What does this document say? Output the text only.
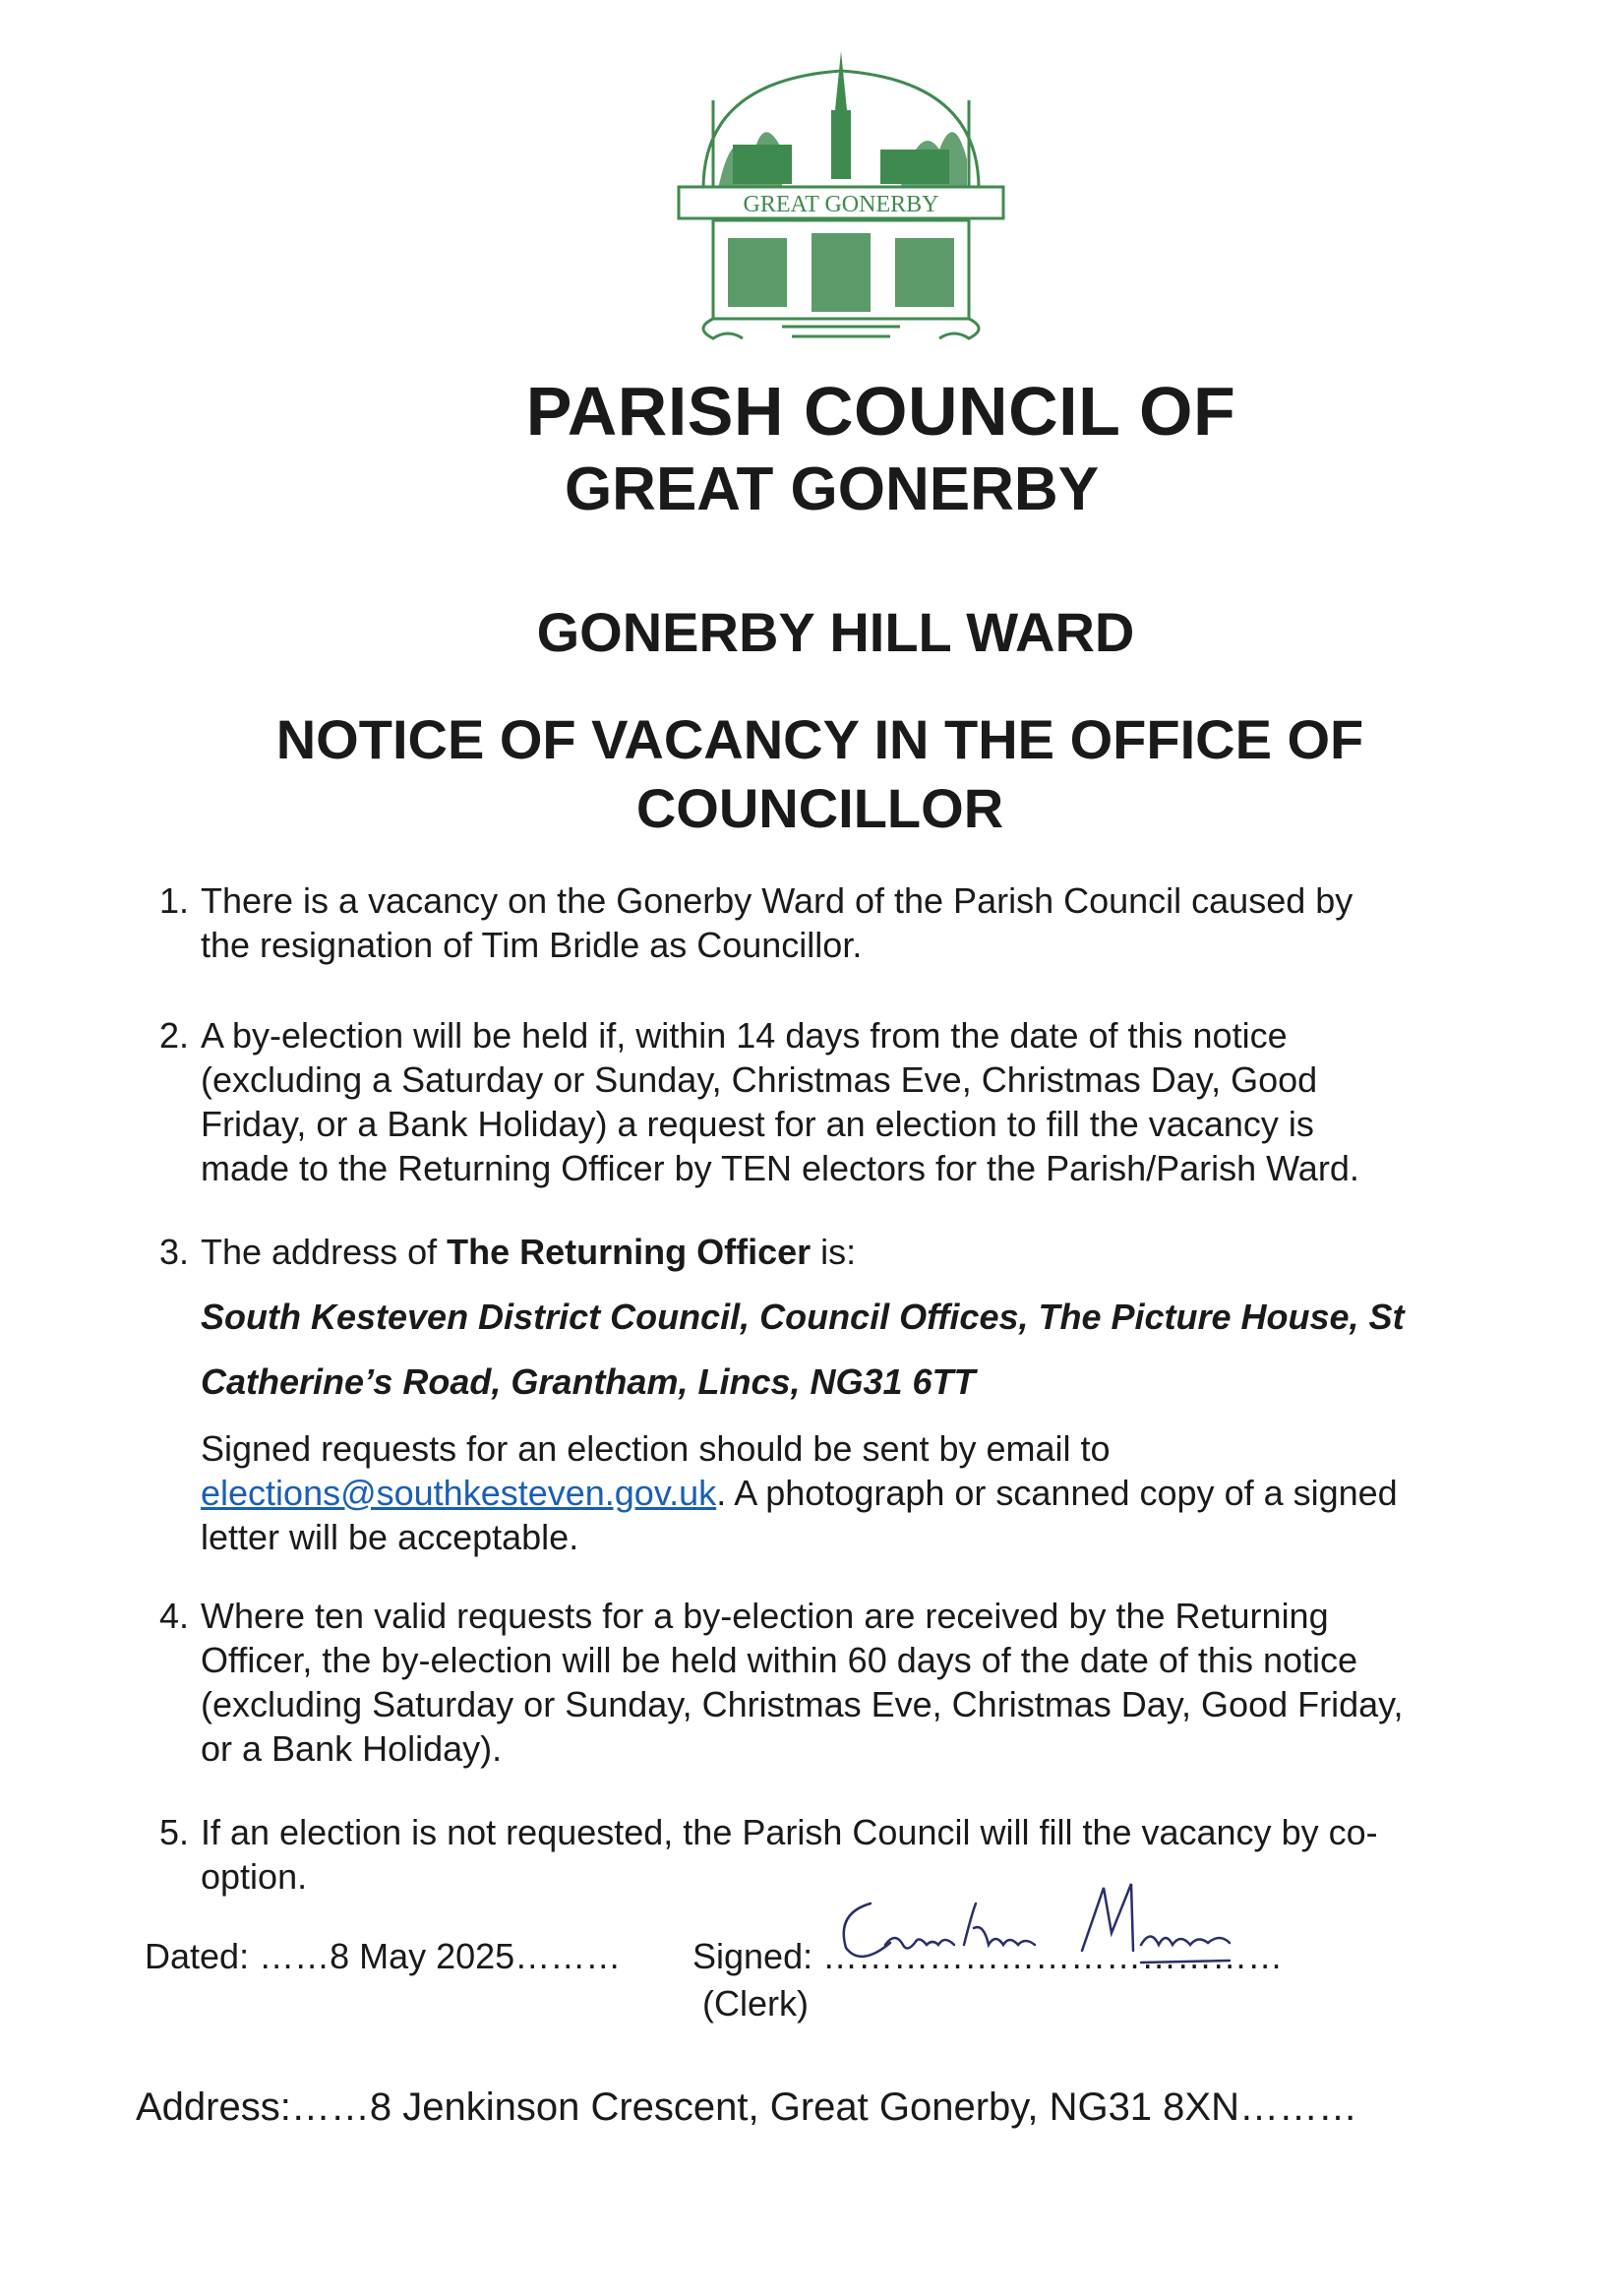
GREAT GONERBY
PARISH COUNCIL OF
GREAT GONERBY
GONERBY HILL WARD
NOTICE OF VACANCY IN THE OFFICE OF
COUNCILLOR
1. There is a vacancy on the Gonerby Ward of the Parish Council caused by
the resignation of Tim Bridle as Councillor.
2. A by-election will be held if, within 14 days from the date of this notice
(excluding a Saturday or Sunday, Christmas Eve, Christmas Day, Good
Friday, or a Bank Holiday) a request for an election to fill the vacancy is
made to the Returning Officer by TEN electors for the Parish/Parish Ward.
3. The address of The Returning Officer is:
South Kesteven District Council, Council Offices, The Picture House, St
Catherine’s Road, Grantham, Lincs, NG31 6TT
Signed requests for an election should be sent by email to
elections@southkesteven.gov.uk. A photograph or scanned copy of a signed
letter will be acceptable.
4. Where ten valid requests for a by-election are received by the Returning
Officer, the by-election will be held within 60 days of the date of this notice
(excluding Saturday or Sunday, Christmas Eve, Christmas Day, Good Friday,
or a Bank Holiday).
5. If an election is not requested, the Parish Council will fill the vacancy by co-
option.
Dated: ……8 May 2025……… Signed: …………………………………
(Clerk)
Address:……8 Jenkinson Crescent, Great Gonerby, NG31 8XN………
